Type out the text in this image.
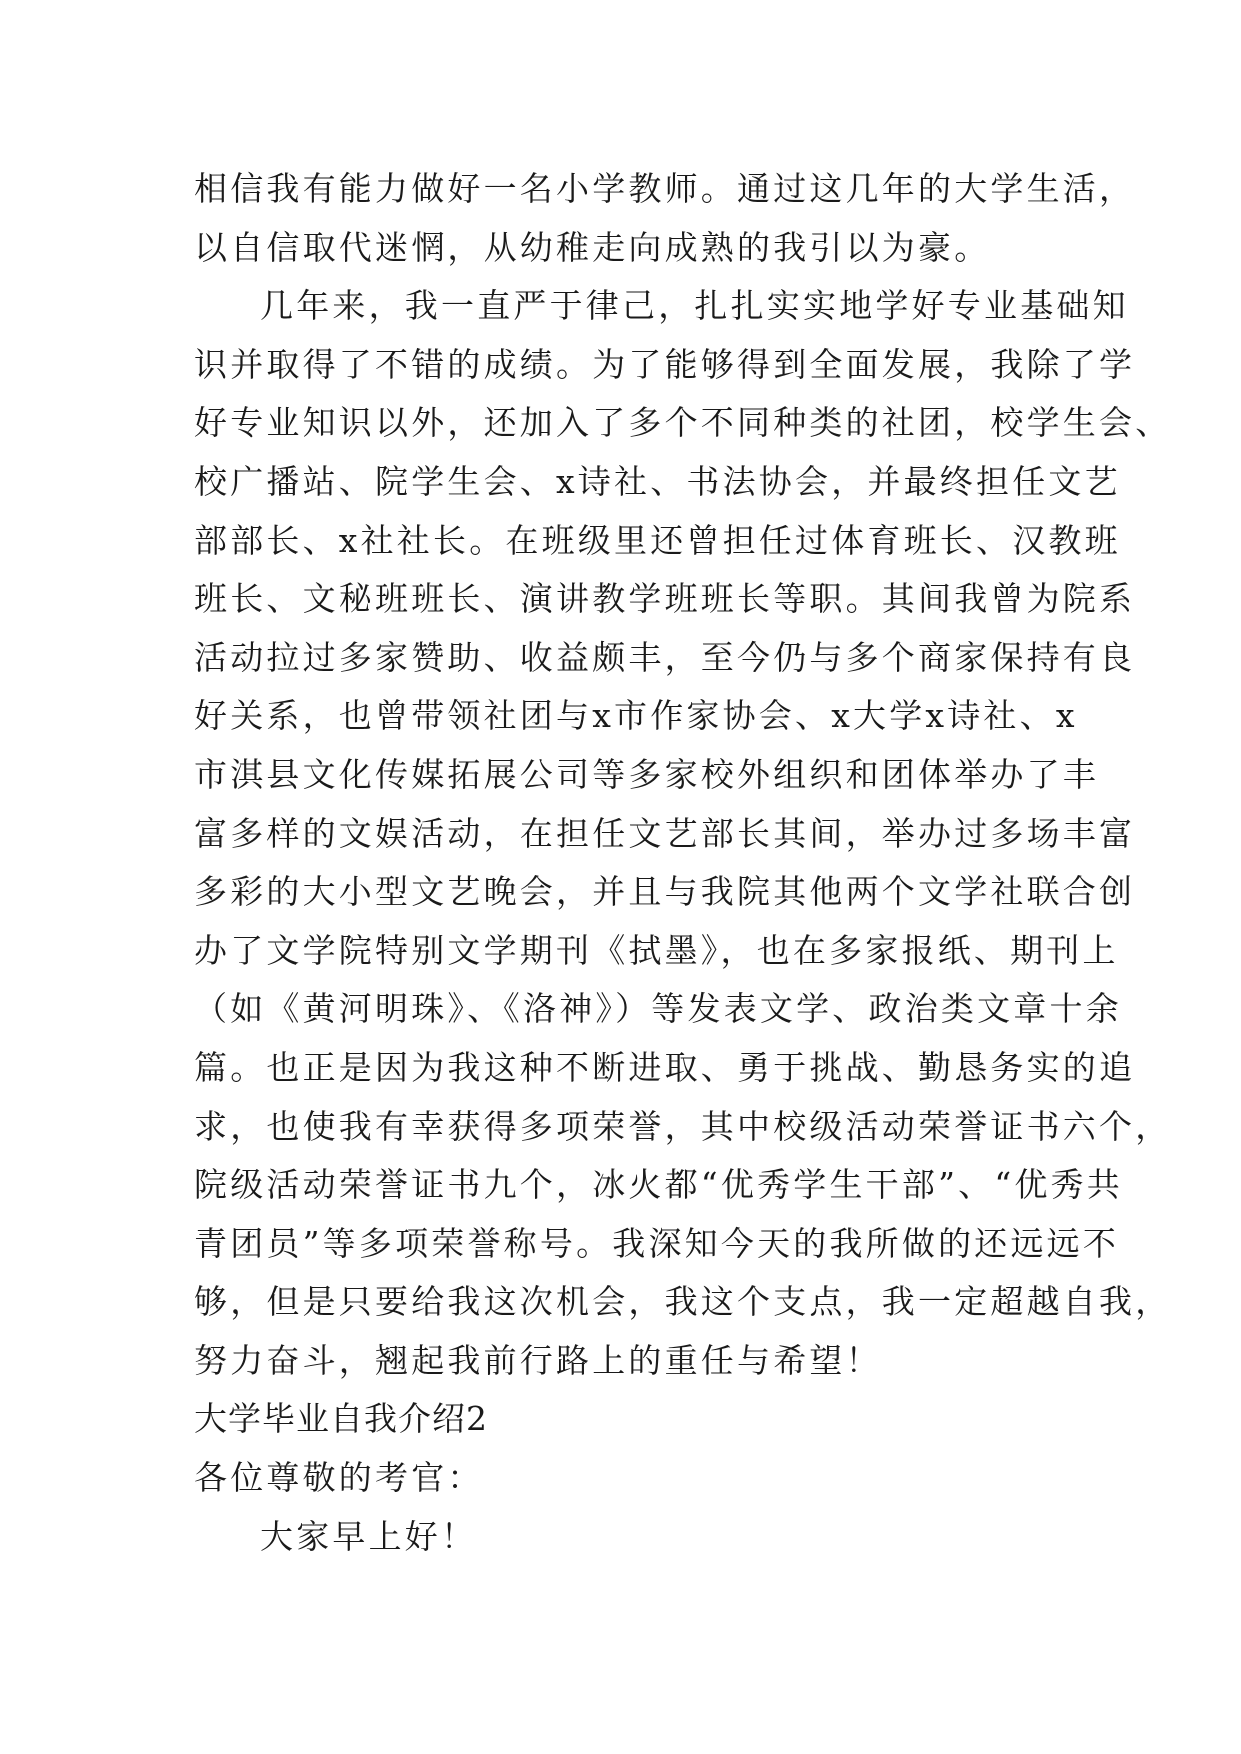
相信我有能力做好一名小学教师。通过这几年的大学生活，
以自信取代迷惘，从幼稚走向成熟的我引以为豪。
几年来，我一直严于律己，扎扎实实地学好专业基础知
识并取得了不错的成绩。为了能够得到全面发展，我除了学
好专业知识以外，还加入了多个不同种类的社团，校学生会、
校广播站、院学生会、x诗社、书法协会，并最终担任文艺
部部长、x社社长。在班级里还曾担任过体育班长、汉教班
班长、文秘班班长、演讲教学班班长等职。其间我曾为院系
活动拉过多家赞助、收益颇丰，至今仍与多个商家保持有良
好关系，也曾带领社团与x市作家协会、x大学x诗社、x
市淇县文化传媒拓展公司等多家校外组织和团体举办了丰
富多样的文娱活动，在担任文艺部长其间，举办过多场丰富
多彩的大小型文艺晚会，并且与我院其他两个文学社联合创
办了文学院特别文学期刊《拭墨》，也在多家报纸、期刊上
（如《黄河明珠》、《洛神》）等发表文学、政治类文章十余
篇。也正是因为我这种不断进取、勇于挑战、勤恳务实的追
求，也使我有幸获得多项荣誉，其中校级活动荣誉证书六个，
院级活动荣誉证书九个，冰火都“优秀学生干部”、“优秀共
青团员”等多项荣誉称号。我深知今天的我所做的还远远不
够，但是只要给我这次机会，我这个支点，我一定超越自我，
努力奋斗，翘起我前行路上的重任与希望！
大学毕业自我介绍2
各位尊敬的考官：
大家早上好！
